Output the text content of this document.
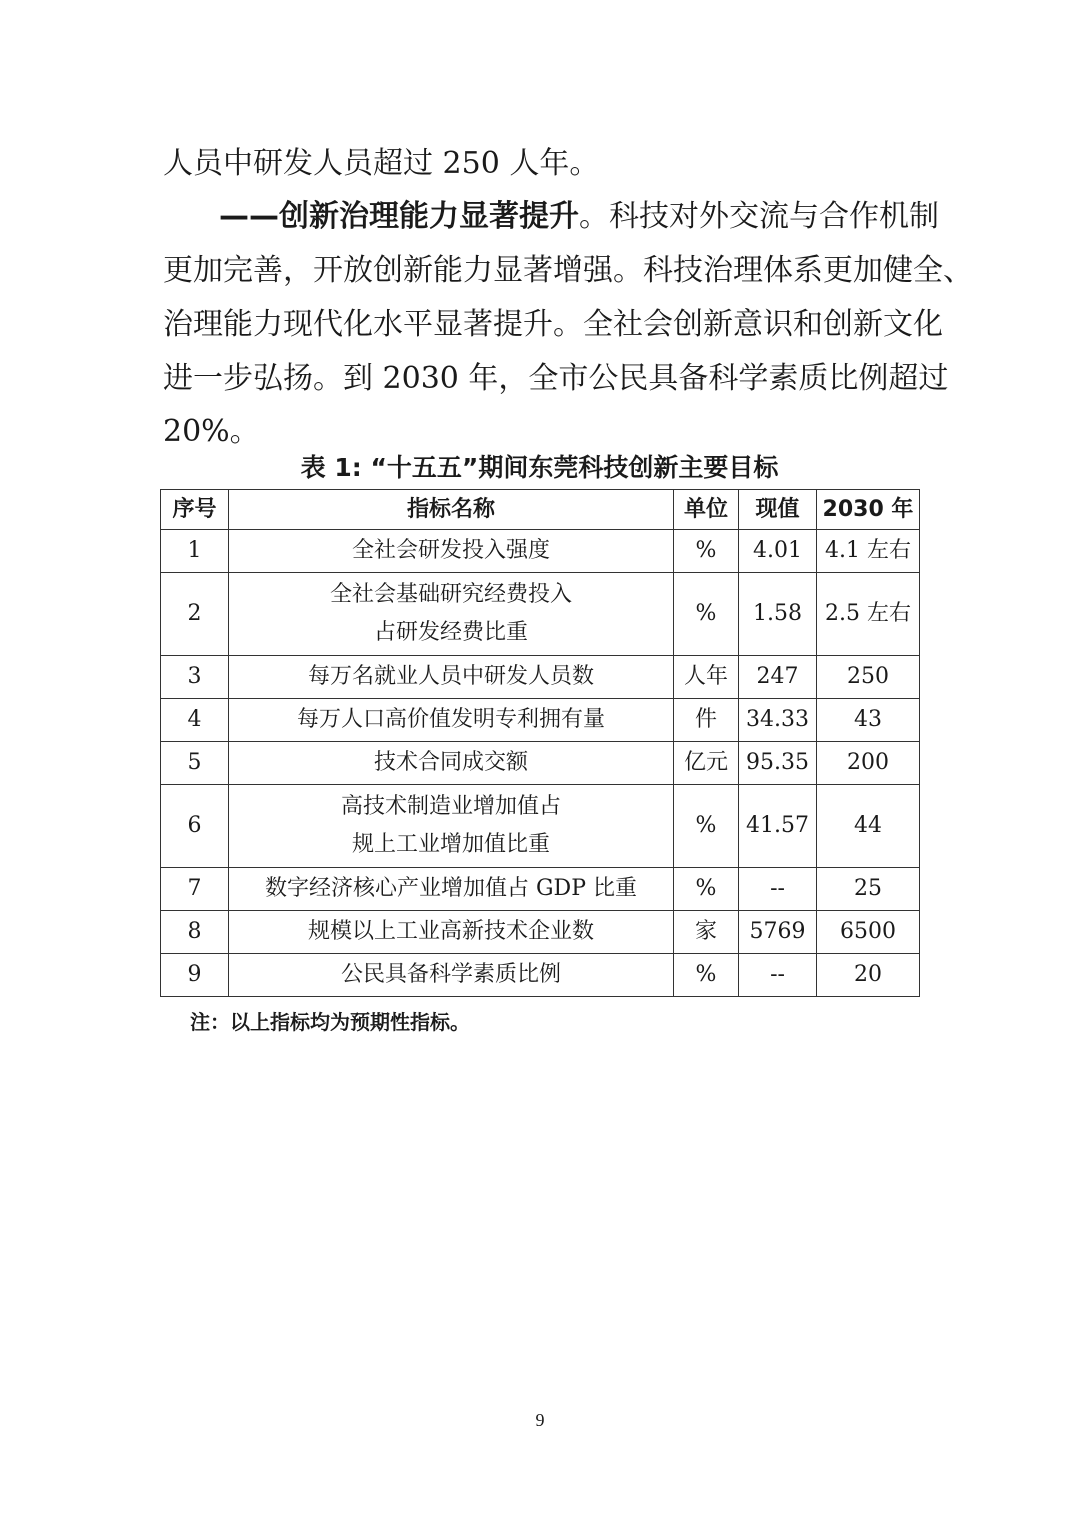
人员中研发人员超过 250 人年。
——创新治理能力显著提升。科技对外交流与合作机制
更加完善，开放创新能力显著增强。科技治理体系更加健全、
治理能力现代化水平显著提升。全社会创新意识和创新文化
进一步弘扬。到 2030 年，全市公民具备科学素质比例超过
20%。
表 1: “十五五”期间东莞科技创新主要目标
序号	指标名称	单位	现值	2030 年
1	全社会研发投入强度	%	4.01	4.1 左右
2	全社会基础研究经费投入
占研发经费比重	%	1.58	2.5 左右
3	每万名就业人员中研发人员数	人年	247	250
4	每万人口高价值发明专利拥有量	件	34.33	43
5	技术合同成交额	亿元	95.35	200
6	高技术制造业增加值占
规上工业增加值比重	%	41.57	44
7	数字经济核心产业增加值占 GDP 比重	%	--	25
8	规模以上工业高新技术企业数	家	5769	6500
9	公民具备科学素质比例	%	--	20
注：以上指标均为预期性指标。
9
